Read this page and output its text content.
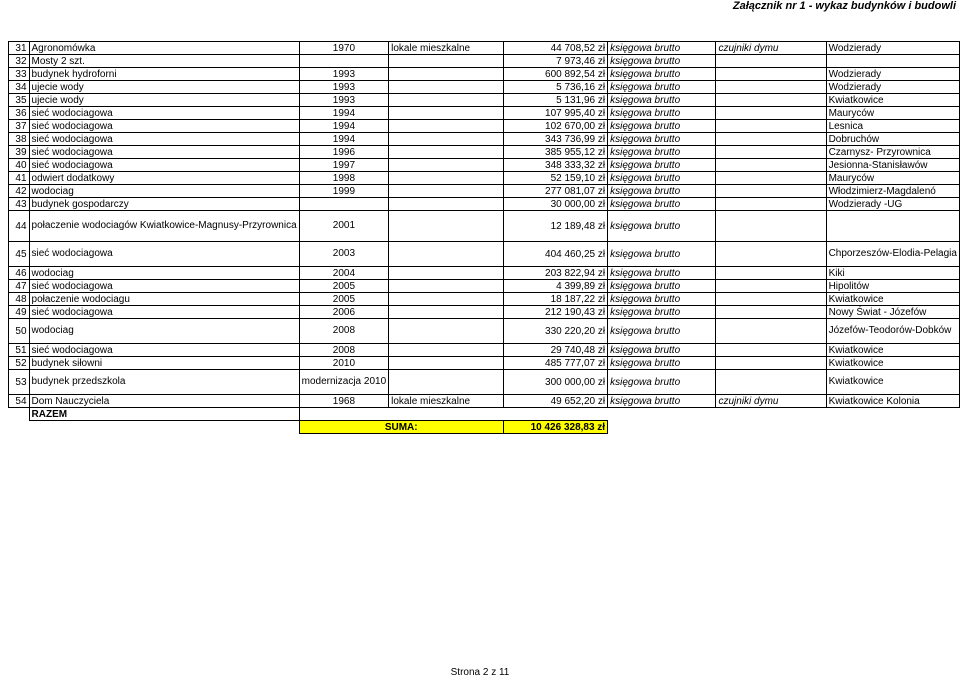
Załącznik nr 1 - wykaz budynków i budowli
31	Agronomówka	1970	lokale mieszkalne	44 708,52 zł	księgowa brutto	czujniki dymu	Wodzierady
32	Mosty 2 szt.			7 973,46 zł	księgowa brutto		
33	budynek hydroforni	1993		600 892,54 zł	księgowa brutto		Wodzierady
34	ujecie wody	1993		5 736,16 zł	księgowa brutto		Wodzierady
35	ujecie wody	1993		5 131,96 zł	księgowa brutto		Kwiatkowice
36	sieć wodociagowa	1994		107 995,40 zł	księgowa brutto		Mauryców
37	sieć wodociagowa	1994		102 670,00 zł	księgowa brutto		Lesnica
38	sieć wodociagowa	1994		343 736,99 zł	księgowa brutto		Dobruchów
39	sieć wodociagowa	1996		385 955,12 zł	księgowa brutto		Czarnysz- Przyrownica
40	sieć wodociagowa	1997		348 333,32 zł	księgowa brutto		Jesionna-Stanisławów
41	odwiert dodatkowy	1998		52 159,10 zł	księgowa brutto		Mauryców
42	wodociag	1999		277 081,07 zł	księgowa brutto		Włodzimierz-Magdalenó
43	budynek gospodarczy			30 000,00 zł	księgowa brutto		Wodzierady -UG
44	połaczenie wodociagów Kwiatkowice-Magnusy-Przyrownica	2001		12 189,48 zł	księgowa brutto		
45	sieć wodociagowa	2003		404 460,25 zł	księgowa brutto		Chporzeszów-Elodia-Pelagia
46	wodociag	2004		203 822,94 zł	księgowa brutto		Kiki
47	sieć wodociagowa	2005		4 399,89 zł	księgowa brutto		Hipolitów
48	połaczenie wodociagu	2005		18 187,22 zł	księgowa brutto		Kwiatkowice
49	sieć wodociagowa	2006		212 190,43 zł	księgowa brutto		Nowy Świat - Józefów
50	wodociag	2008		330 220,20 zł	księgowa brutto		Józefów-Teodorów-Dobków
51	sieć wodociagowa	2008		29 740,48 zł	księgowa brutto		Kwiatkowice
52	budynek siłowni	2010		485 777,07 zł	księgowa brutto		Kwiatkowice
53	budynek przedszkola	modernizacja 2010		300 000,00 zł	księgowa brutto		Kwiatkowice
54	Dom Nauczyciela	1968	lokale mieszkalne	49 652,20 zł	księgowa brutto	czujniki dymu	Kwiatkowice Kolonia
	RAZEM						
		SUMA:		10 426 328,83 zł			
Strona 2 z 11
